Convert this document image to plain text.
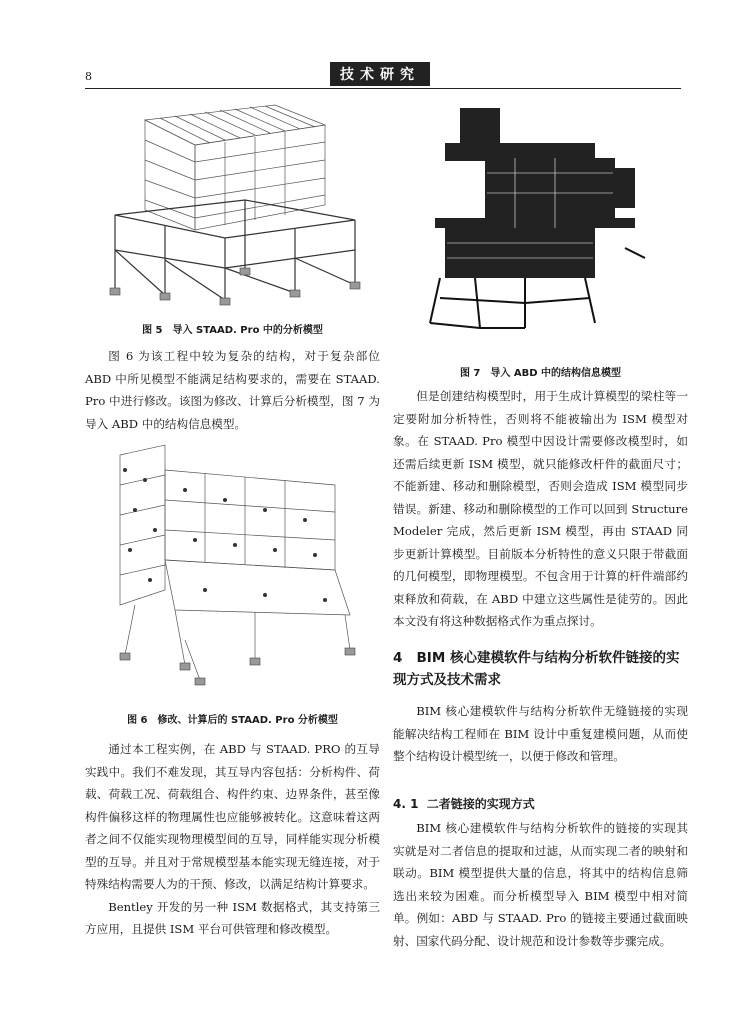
8	技术研究
图 5　导入 STAAD. Pro 中的分析模型
图 7　导入 ABD 中的结构信息模型

图 6 为该工程中较为复杂的结构，对于复杂部位 ABD 中所见模型不能满足结构要求的，需要在 STAAD. Pro 中进行修改。该图为修改、计算后分析模型，图 7 为导入 ABD 中的结构信息模型。

图 6　修改、计算后的 STAAD. Pro 分析模型

通过本工程实例，在 ABD 与 STAAD. PRO 的互导实践中。我们不难发现，其互导内容包括：分析构件、荷载、荷载工况、荷载组合、构件约束、边界条件，甚至像构件偏移这样的物理属性也应能够被转化。这意味着这两者之间不仅能实现物理模型间的互导，同样能实现分析模型的互导。并且对于常规模型基本能实现无缝连接，对于特殊结构需要人为的干预、修改，以满足结构计算要求。

Bentley 开发的另一种 ISM 数据格式，其支持第三方应用，且提供 ISM 平台可供管理和修改模型。

但是创建结构模型时，用于生成计算模型的梁柱等一定要附加分析特性，否则将不能被输出为 ISM 模型对象。在 STAAD. Pro 模型中因设计需要修改模型时，如还需后续更新 ISM 模型，就只能修改杆件的截面尺寸；不能新建、移动和删除模型，否则会造成 ISM 模型同步错误。新建、移动和删除模型的工作可以回到 Structure Modeler 完成，然后更新 ISM 模型，再由 STAAD 同步更新计算模型。目前版本分析特性的意义只限于带截面的几何模型，即物理模型。不包含用于计算的杆件端部约束释放和荷载，在 ABD 中建立这些属性是徒劳的。因此本文没有将这种数据格式作为重点探讨。

4 BIM 核心建模软件与结构分析软件链接的实现方式及技术需求

BIM 核心建模软件与结构分析软件无缝链接的实现能解决结构工程师在 BIM 设计中重复建模问题，从而使整个结构设计模型统一，以便于修改和管理。

4. 1 二者链接的实现方式

BIM 核心建模软件与结构分析软件的链接的实现其实就是对二者信息的提取和过滤，从而实现二者的映射和联动。BIM 模型提供大量的信息，将其中的结构信息筛选出来较为困难。而分析模型导入 BIM 模型中相对简单。例如：ABD 与 STAAD. Pro 的链接主要通过截面映射、国家代码分配、设计规范和设计参数等步骤完成。
